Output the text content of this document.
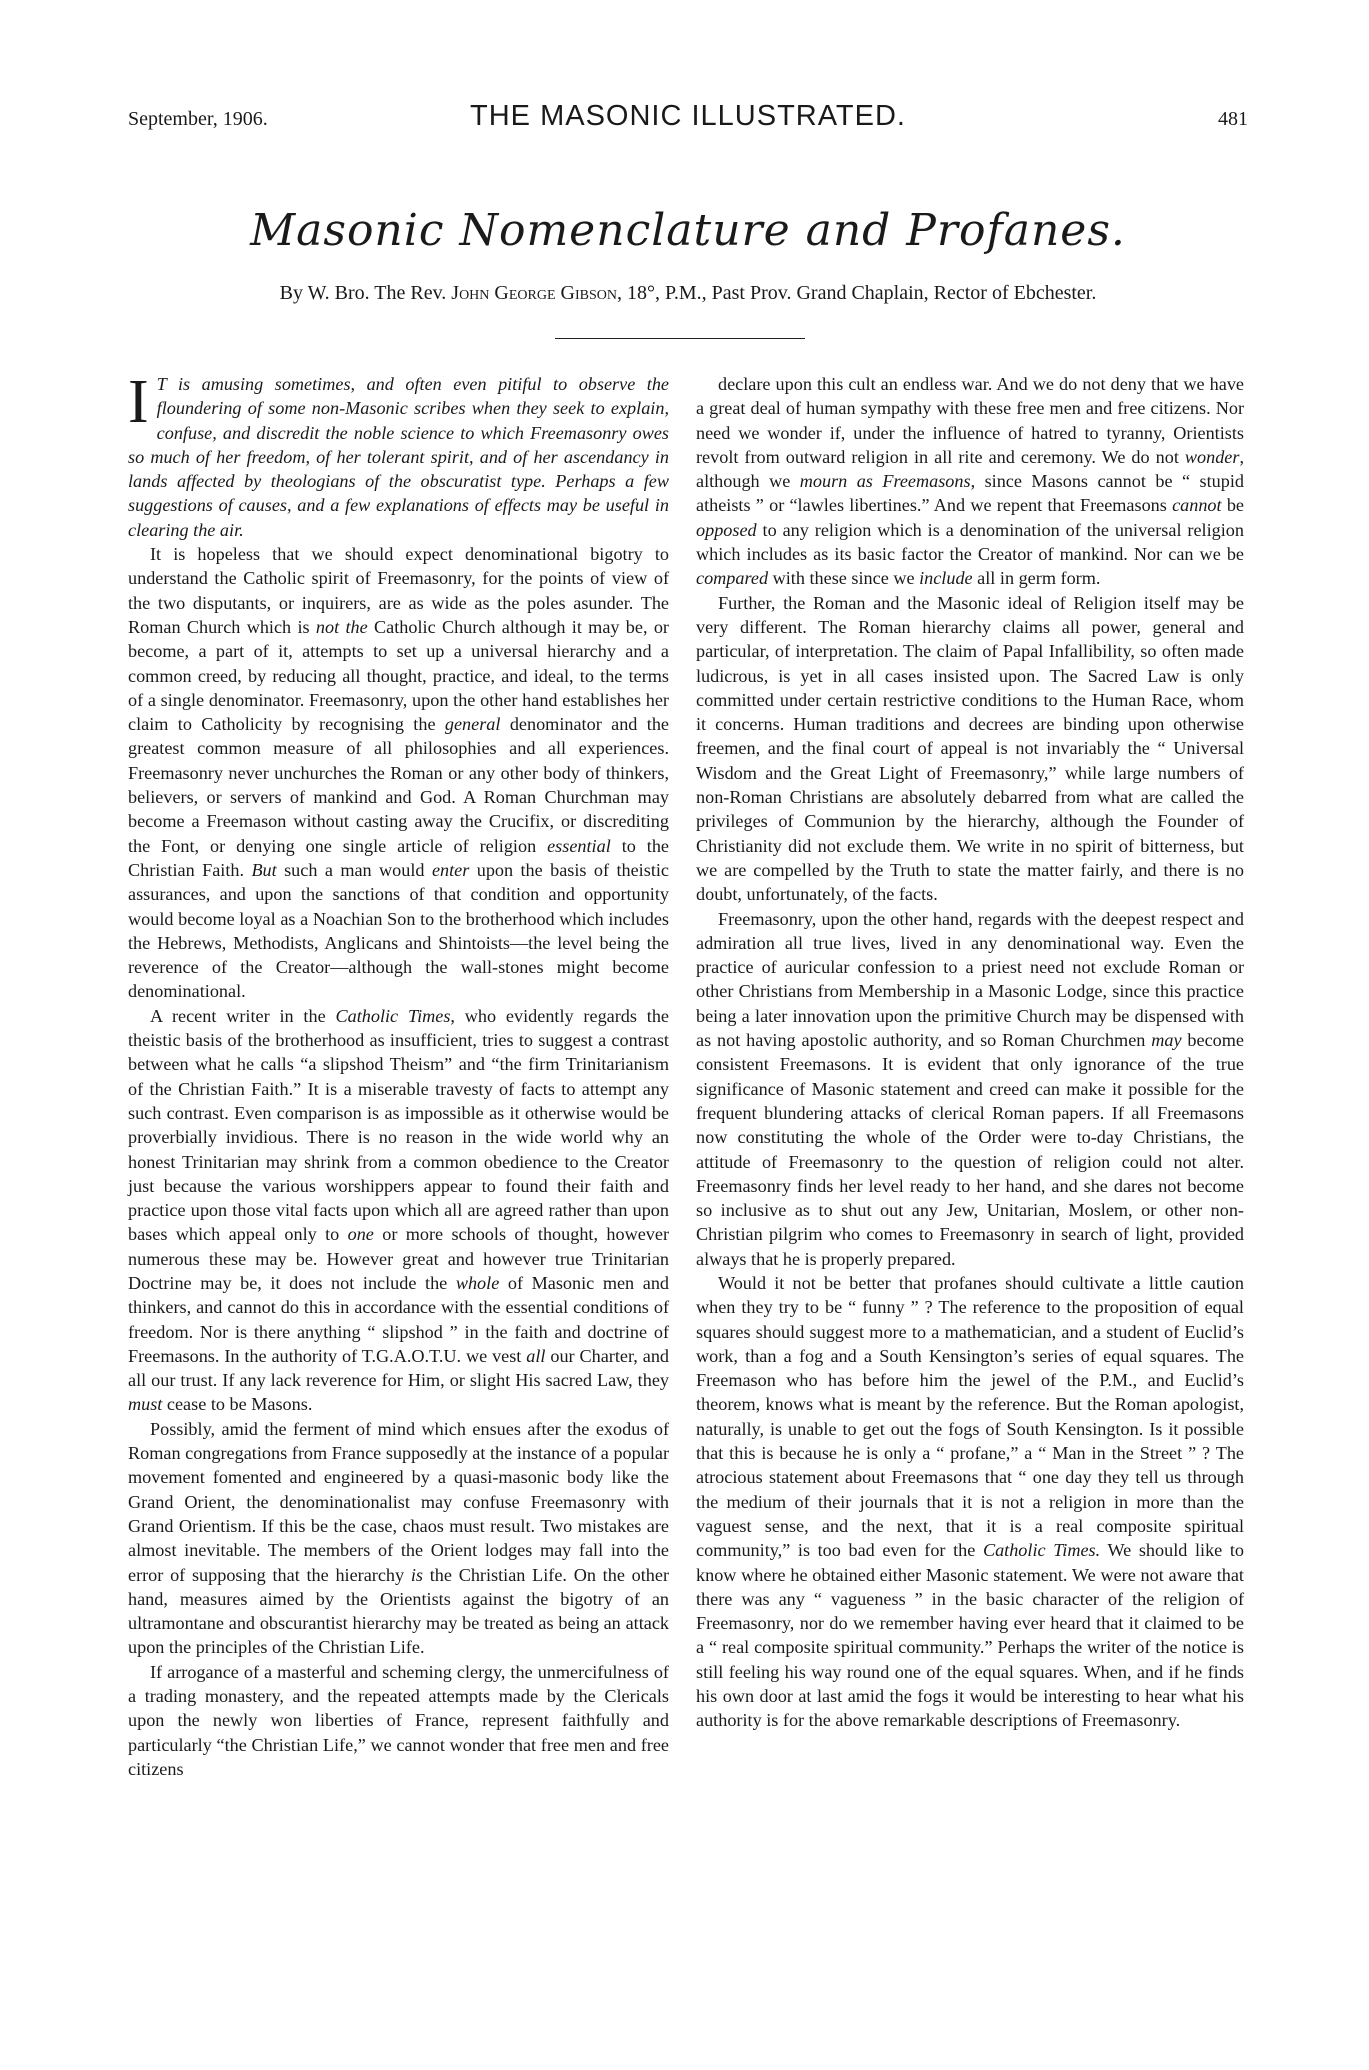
September, 1906.	THE MASONIC ILLUSTRATED.	481
Masonic Nomenclature and Profanes.
By W. Bro. The Rev. John George Gibson, 18°, P.M., Past Prov. Grand Chaplain, Rector of Ebchester.

I T is amusing sometimes, and often even pitiful to observe the floundering of some non-Masonic scribes when they seek to explain, confuse, and discredit the noble science to which Freemasonry owes so much of her freedom, of her tolerant spirit, and of her ascendancy in lands affected by theologians of the obscuratist type. Perhaps a few suggestions of causes, and a few explanations of effects may be useful in clearing the air.

It is hopeless that we should expect denominational bigotry to understand the Catholic spirit of Freemasonry, for the points of view of the two disputants, or inquirers, are as wide as the poles asunder. The Roman Church which is not the Catholic Church although it may be, or become, a part of it, attempts to set up a universal hierarchy and a common creed, by reducing all thought, practice, and ideal, to the terms of a single denominator. Freemasonry, upon the other hand establishes her claim to Catholicity by recognising the general denominator and the greatest common measure of all philosophies and all experiences. Freemasonry never unchurches the Roman or any other body of thinkers, believers, or servers of mankind and God. A Roman Churchman may become a Freemason without casting away the Crucifix, or discrediting the Font, or denying one single article of religion essential to the Christian Faith. But such a man would enter upon the basis of theistic assurances, and upon the sanctions of that condition and opportunity would become loyal as a Noachian Son to the brotherhood which includes the Hebrews, Methodists, Anglicans and Shintoists—the level being the reverence of the Creator—although the wall-stones might become denominational.

A recent writer in the Catholic Times, who evidently regards the theistic basis of the brotherhood as insufficient, tries to suggest a contrast between what he calls “a slipshod Theism” and “the firm Trinitarianism of the Christian Faith.” It is a miserable travesty of facts to attempt any such contrast. Even comparison is as impossible as it otherwise would be proverbially invidious. There is no reason in the wide world why an honest Trinitarian may shrink from a common obedience to the Creator just because the various worshippers appear to found their faith and practice upon those vital facts upon which all are agreed rather than upon bases which appeal only to one or more schools of thought, however numerous these may be. However great and however true Trinitarian Doctrine may be, it does not include the whole of Masonic men and thinkers, and cannot do this in accordance with the essential conditions of freedom. Nor is there anything “ slipshod ” in the faith and doctrine of Freemasons. In the authority of T.G.A.O.T.U. we vest all our Charter, and all our trust. If any lack reverence for Him, or slight His sacred Law, they must cease to be Masons.

Possibly, amid the ferment of mind which ensues after the exodus of Roman congregations from France supposedly at the instance of a popular movement fomented and engineered by a quasi-masonic body like the Grand Orient, the denominationalist may confuse Freemasonry with Grand Orientism. If this be the case, chaos must result. Two mistakes are almost inevitable. The members of the Orient lodges may fall into the error of supposing that the hierarchy is the Christian Life. On the other hand, measures aimed by the Orientists against the bigotry of an ultramontane and obscurantist hierarchy may be treated as being an attack upon the principles of the Christian Life.

If arrogance of a masterful and scheming clergy, the unmercifulness of a trading monastery, and the repeated attempts made by the Clericals upon the newly won liberties of France, represent faithfully and particularly “the Christian Life,” we cannot wonder that free men and free citizens

declare upon this cult an endless war. And we do not deny that we have a great deal of human sympathy with these free men and free citizens. Nor need we wonder if, under the influence of hatred to tyranny, Orientists revolt from outward religion in all rite and ceremony. We do not wonder, although we mourn as Freemasons, since Masons cannot be “ stupid atheists ” or “lawles libertines.” And we repent that Freemasons cannot be opposed to any religion which is a denomination of the universal religion which includes as its basic factor the Creator of mankind. Nor can we be compared with these since we include all in germ form.

Further, the Roman and the Masonic ideal of Religion itself may be very different. The Roman hierarchy claims all power, general and particular, of interpretation. The claim of Papal Infallibility, so often made ludicrous, is yet in all cases insisted upon. The Sacred Law is only committed under certain restrictive conditions to the Human Race, whom it concerns. Human traditions and decrees are binding upon otherwise freemen, and the final court of appeal is not invariably the “ Universal Wisdom and the Great Light of Freemasonry,” while large numbers of non-Roman Christians are absolutely debarred from what are called the privileges of Communion by the hierarchy, although the Founder of Christianity did not exclude them. We write in no spirit of bitterness, but we are compelled by the Truth to state the matter fairly, and there is no doubt, unfortunately, of the facts.

Freemasonry, upon the other hand, regards with the deepest respect and admiration all true lives, lived in any denominational way. Even the practice of auricular confession to a priest need not exclude Roman or other Christians from Membership in a Masonic Lodge, since this practice being a later innovation upon the primitive Church may be dispensed with as not having apostolic authority, and so Roman Churchmen may become consistent Freemasons. It is evident that only ignorance of the true significance of Masonic statement and creed can make it possible for the frequent blundering attacks of clerical Roman papers. If all Freemasons now constituting the whole of the Order were to-day Christians, the attitude of Freemasonry to the question of religion could not alter. Freemasonry finds her level ready to her hand, and she dares not become so inclusive as to shut out any Jew, Unitarian, Moslem, or other non-Christian pilgrim who comes to Freemasonry in search of light, provided always that he is properly prepared.

Would it not be better that profanes should cultivate a little caution when they try to be “ funny ” ? The reference to the proposition of equal squares should suggest more to a mathematician, and a student of Euclid’s work, than a fog and a South Kensington’s series of equal squares. The Freemason who has before him the jewel of the P.M., and Euclid’s theorem, knows what is meant by the reference. But the Roman apologist, naturally, is unable to get out the fogs of South Kensington. Is it possible that this is because he is only a “ profane,” a “ Man in the Street ” ? The atrocious statement about Freemasons that “ one day they tell us through the medium of their journals that it is not a religion in more than the vaguest sense, and the next, that it is a real composite spiritual community,” is too bad even for the Catholic Times. We should like to know where he obtained either Masonic statement. We were not aware that there was any “ vagueness ” in the basic character of the religion of Freemasonry, nor do we remember having ever heard that it claimed to be a “ real composite spiritual community.” Perhaps the writer of the notice is still feeling his way round one of the equal squares. When, and if he finds his own door at last amid the fogs it would be interesting to hear what his authority is for the above remarkable descriptions of Freemasonry.
